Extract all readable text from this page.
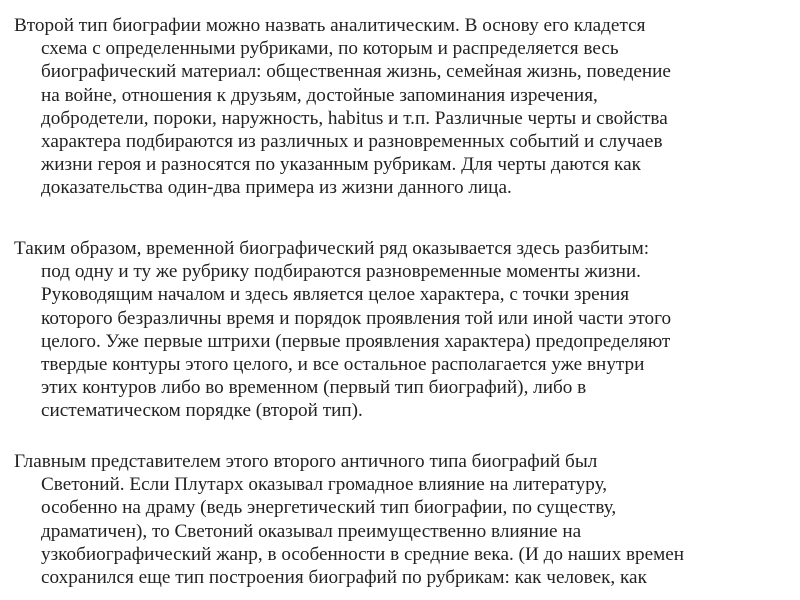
Второй тип биографии можно назвать аналитическим. В основу его кладется
схема с определенными рубриками, по которым и распределяется весь
биографический материал: общественная жизнь, семейная жизнь, поведение
на войне, отношения к друзьям, достойные запоминания изречения,
добродетели, пороки, наружность, habitus и т.п. Различные черты и свойства
характера подбираются из различных и разновременных событий и случаев
жизни героя и разносятся по указанным рубрикам. Для черты даются как
доказательства один-два примера из жизни данного лица.
Таким образом, временной биографический ряд оказывается здесь разбитым:
под одну и ту же рубрику подбираются разновременные моменты жизни.
Руководящим началом и здесь является целое характера, с точки зрения
которого безразличны время и порядок проявления той или иной части этого
целого. Уже первые штрихи (первые проявления характера) предопределяют
твердые контуры этого целого, и все остальное располагается уже внутри
этих контуров либо во временном (первый тип биографий), либо в
систематическом порядке (второй тип).
Главным представителем этого второго античного типа биографий был
Светоний. Если Плутарх оказывал громадное влияние на литературу,
особенно на драму (ведь энергетический тип биографии, по существу,
драматичен), то Светоний оказывал преимущественно влияние на
узкобиографический жанр, в особенности в средние века. (И до наших времен
сохранился еще тип построения биографий по рубрикам: как человек, как
